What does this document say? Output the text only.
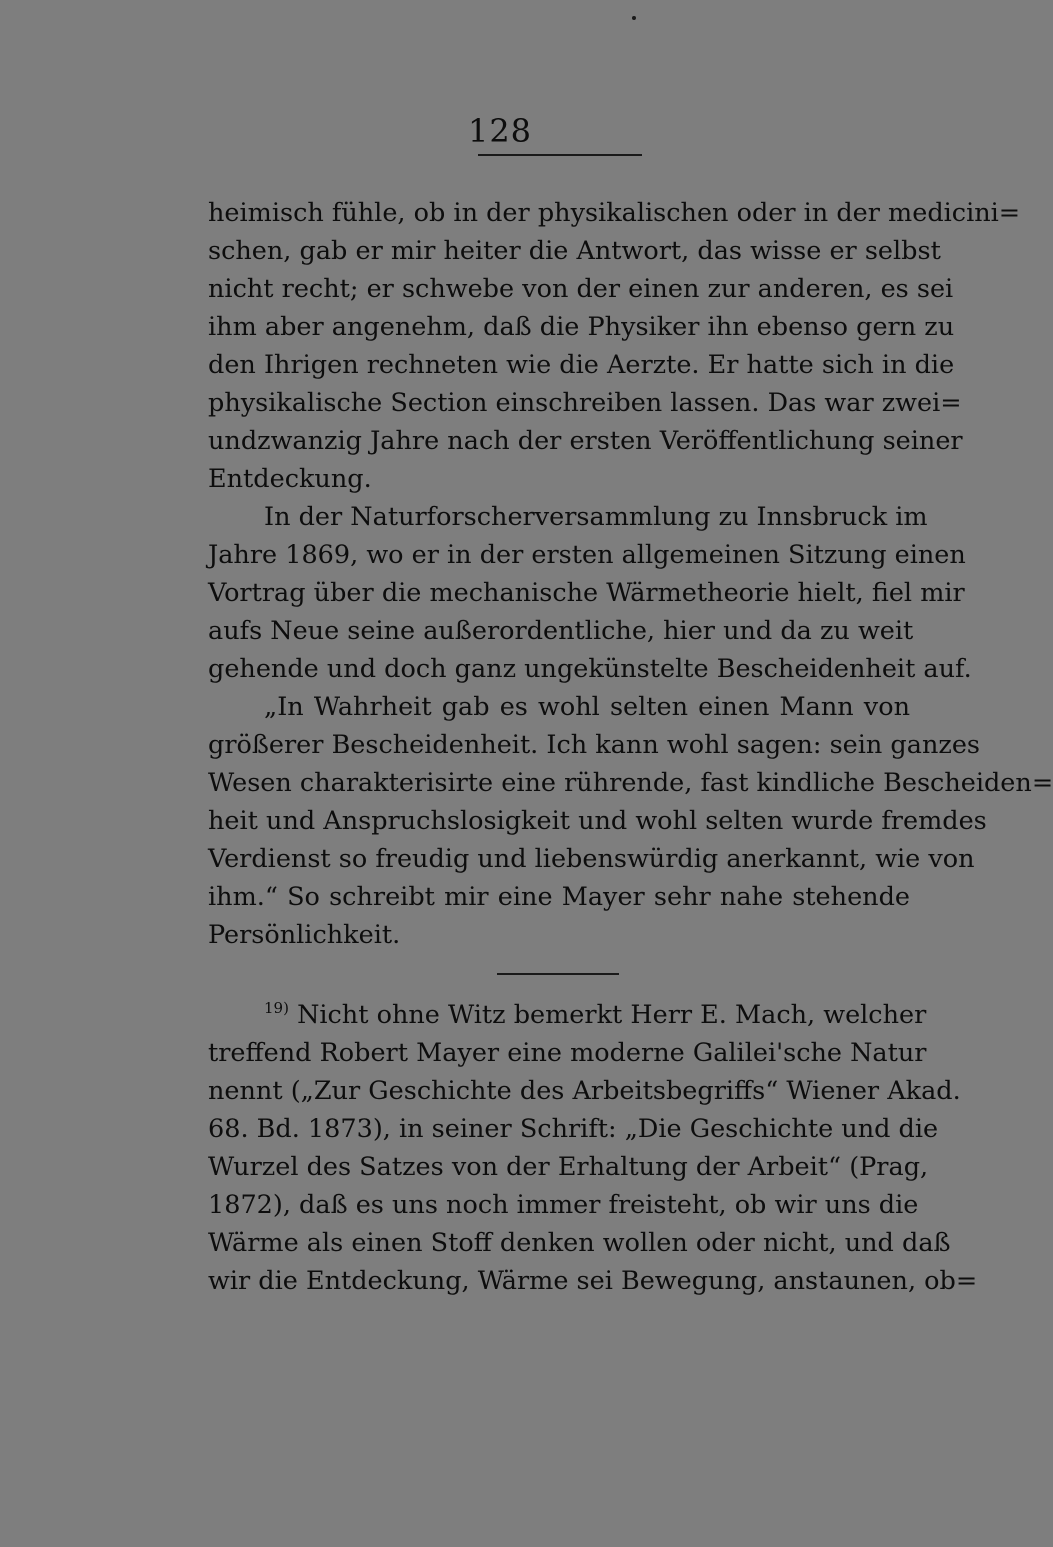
128
heimisch fühle, ob in der physikalischen oder in der medicini=
schen, gab er mir heiter die Antwort, das wisse er selbst
nicht recht; er schwebe von der einen zur anderen, es sei
ihm aber angenehm, daß die Physiker ihn ebenso gern zu
den Ihrigen rechneten wie die Aerzte. Er hatte sich in die
physikalische Section einschreiben lassen. Das war zwei=
undzwanzig Jahre nach der ersten Veröffentlichung seiner
Entdeckung.
In der Naturforscherversammlung zu Innsbruck im
Jahre 1869, wo er in der ersten allgemeinen Sitzung einen
Vortrag über die mechanische Wärmetheorie hielt, fiel mir
aufs Neue seine außerordentliche, hier und da zu weit
gehende und doch ganz ungekünstelte Bescheidenheit auf.
„In Wahrheit gab es wohl selten einen Mann von
größerer Bescheidenheit. Ich kann wohl sagen: sein ganzes
Wesen charakterisirte eine rührende, fast kindliche Bescheiden=
heit und Anspruchslosigkeit und wohl selten wurde fremdes
Verdienst so freudig und liebenswürdig anerkannt, wie von
ihm.“ So schreibt mir eine Mayer sehr nahe stehende
Persönlichkeit.
$^{19)}$ Nicht ohne Witz bemerkt Herr E. Mach, welcher
treffend Robert Mayer eine moderne Galilei'sche Natur
nennt („Zur Geschichte des Arbeitsbegriffs“ Wiener Akad.
68. Bd. 1873), in seiner Schrift: „Die Geschichte und die
Wurzel des Satzes von der Erhaltung der Arbeit“ (Prag,
1872), daß es uns noch immer freisteht, ob wir uns die
Wärme als einen Stoff denken wollen oder nicht, und daß
wir die Entdeckung, Wärme sei Bewegung, anstaunen, ob=
